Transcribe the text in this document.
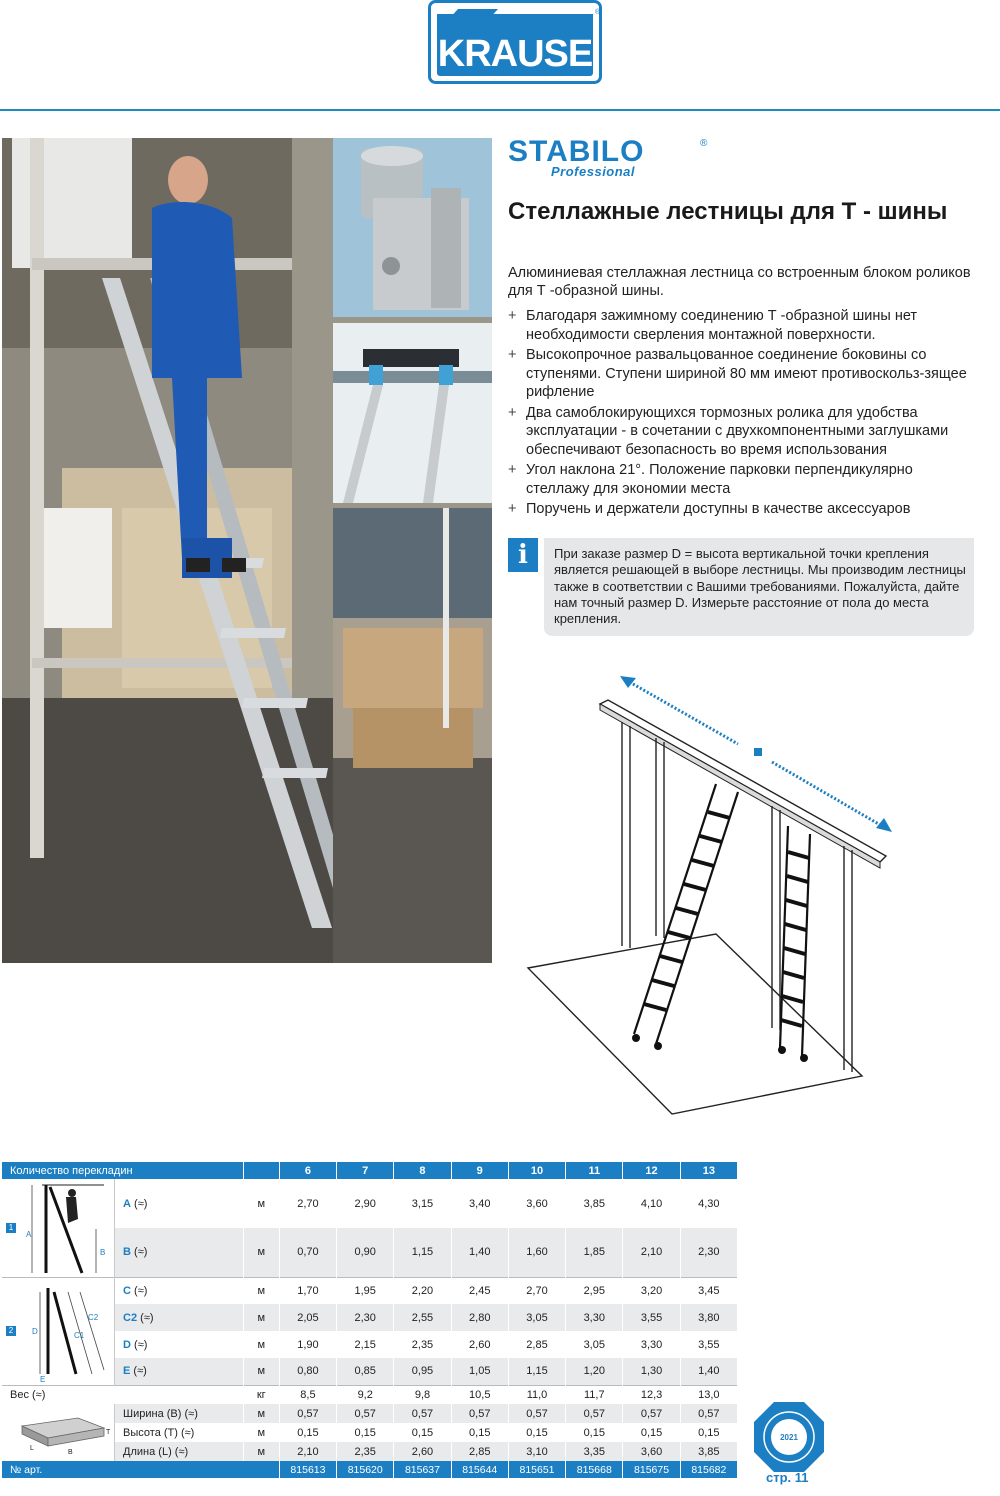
KRAUSE
®
STABILO	®
Professional
Стеллажные лестницы для Т - шины

Алюминиевая стеллажная лестница со встроенным блоком роликов для Т -образной шины.

+ Благодаря зажимному соединению Т -образной шины нет необходимости сверления монтажной поверхности.
+ Высокопрочное развальцованное соединение боковины со ступенями. Ступени шириной 80 мм имеют противоскольз-зящее рифление
+ Два самоблокирующихся тормозных ролика для удобства эксплуатации - в сочетании с двухкомпонентными заглушками обеспечивают безопасность во время использования
+ Угол наклона 21°. Положение парковки перпендикулярно стеллажу для экономии места
+ Поручень и держатели доступны в качестве аксессуаров
i	При заказе размер D = высота вертикальной точки крепления является решающей в выборе лестницы. Мы производим лестницы также в соответствии с Вашими требованиями. Пожалуйста, дайте нам точный размер D. Измерьте расстояние от пола до места крепления.

Количество перекладин			6	7	8	9	10	11	12	13

1
A
B	A (≈)	м	2,70	2,90	3,15	3,40	3,60	3,85	4,10	4,30
	B (≈)	м	0,70	0,90	1,15	1,40	1,60	1,85	2,10	2,30

2 D C1
C2
E	C (≈)	м	1,70	1,95	2,20	2,45	2,70	2,95	3,20	3,45
	C2 (≈)	м	2,05	2,30	2,55	2,80	3,05	3,30	3,55	3,80
	D (≈)	м	1,90	2,15	2,35	2,60	2,85	3,05	3,30	3,55
	E (≈)	м	0,80	0,85	0,95	1,05	1,15	1,20	1,30	1,40
Вес (≈)		кг	8,5	9,2	9,8	10,5	11,0	11,7	12,3	13,0

T
L
B	Ширина (B) (≈)	м	0,57	0,57	0,57	0,57	0,57	0,57	0,57	0,57
	Высота (T) (≈)	м	0,15	0,15	0,15	0,15	0,15	0,15	0,15	0,15
	Длина (L) (≈)	м	2,10	2,35	2,60	2,85	3,10	3,35	3,60	3,85
№ арт.			815613	815620	815637	815644	815651	815668	815675	815682
2021
стр. 11
